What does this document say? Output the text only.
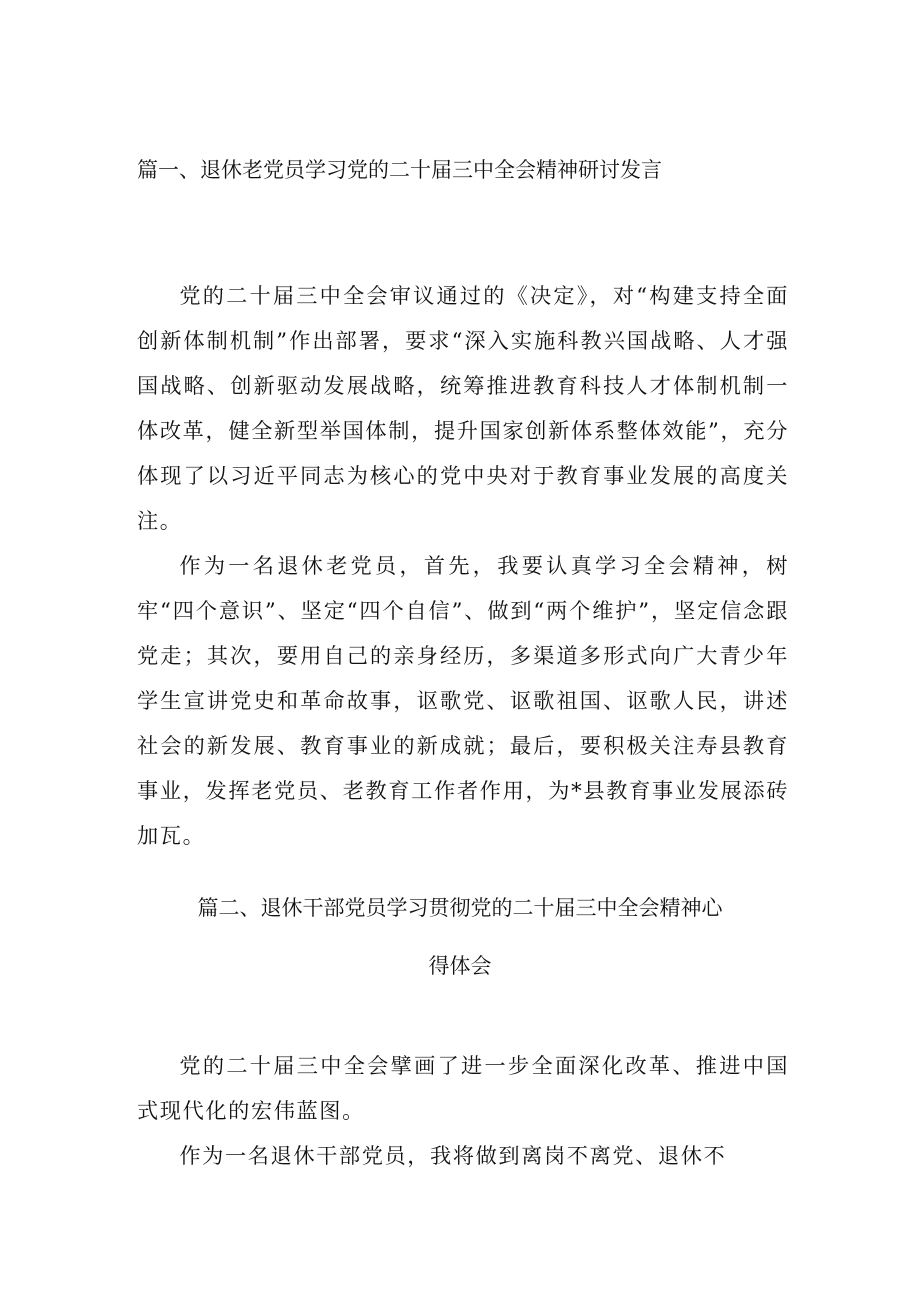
篇一、退休老党员学习党的二十届三中全会精神研讨发言

党的二十届三中全会审议通过的《决定》，对“构建支持全面创新体制机制”作出部署，要求“深入实施科教兴国战略、人才强国战略、创新驱动发展战略，统筹推进教育科技人才体制机制一体改革，健全新型举国体制，提升国家创新体系整体效能”，充分体现了以习近平同志为核心的党中央对于教育事业发展的高度关注。

作为一名退休老党员，首先，我要认真学习全会精神，树牢“四个意识”、坚定“四个自信”、做到“两个维护”，坚定信念跟党走；其次，要用自己的亲身经历，多渠道多形式向广大青少年学生宣讲党史和革命故事，讴歌党、讴歌祖国、讴歌人民，讲述社会的新发展、教育事业的新成就；最后，要积极关注寿县教育事业，发挥老党员、老教育工作者作用，为*县教育事业发展添砖加瓦。

篇二、退休干部党员学习贯彻党的二十届三中全会精神心
得体会

党的二十届三中全会擘画了进一步全面深化改革、推进中国式现代化的宏伟蓝图。

作为一名退休干部党员，我将做到离岗不离党、退休不
